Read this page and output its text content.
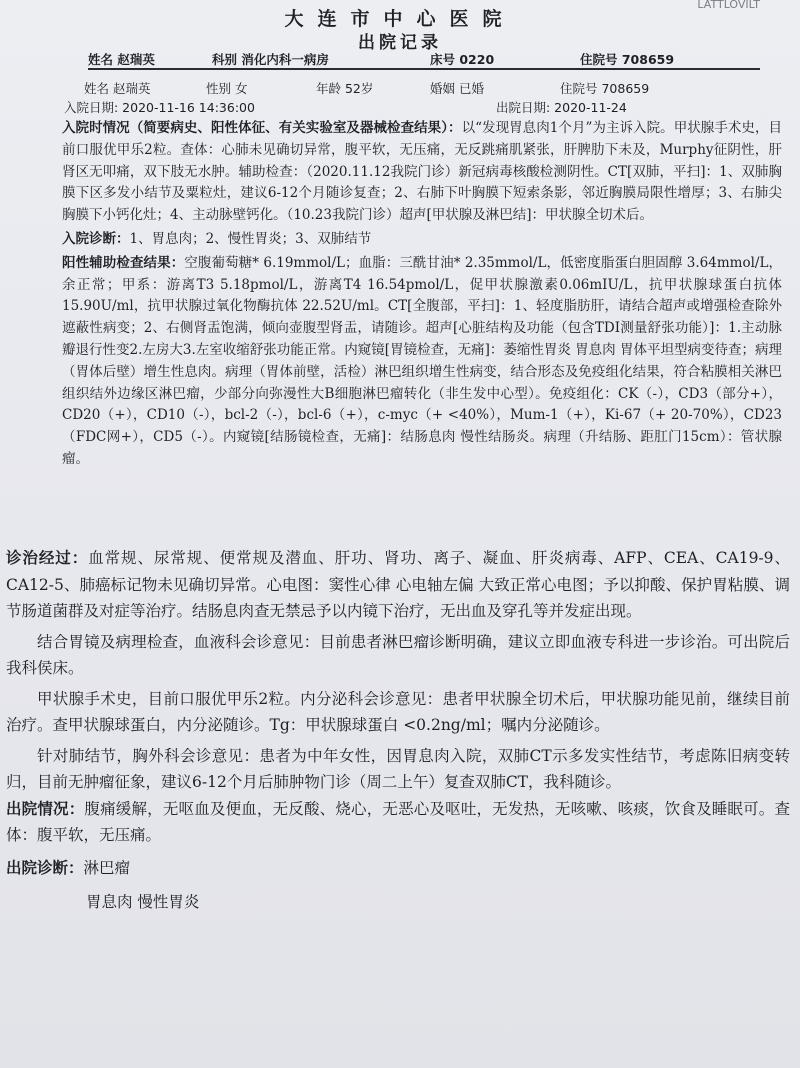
LATTLOVILT
大连市中心医院
出院记录
姓名 赵瑞英	科别 消化内科一病房	床号 0220	住院号 708659
姓名 赵瑞英	性别 女	年龄 52岁	婚姻 已婚	住院号 708659
入院日期: 2020-11-16 14:36:00	出院日期: 2020-11-24

入院时情况（简要病史、阳性体征、有关实验室及器械检查结果）：以“发现胃息肉1个月”为主诉入院。甲状腺手术史，目前口服优甲乐2粒。查体：心肺未见确切异常，腹平软，无压痛，无反跳痛肌紧张，肝脾肋下未及，Murphy征阴性，肝肾区无叩痛，双下肢无水肿。辅助检查：（2020.11.12我院门诊）新冠病毒核酸检测阴性。CT[双肺，平扫]：1、双肺胸膜下区多发小结节及粟粒灶，建议6-12个月随诊复查；2、右肺下叶胸膜下短索条影，邻近胸膜局限性增厚；3、右肺尖胸膜下小钙化灶；4、主动脉壁钙化。（10.23我院门诊）超声[甲状腺及淋巴结]：甲状腺全切术后。

入院诊断：1、胃息肉；2、慢性胃炎；3、双肺结节

阳性辅助检查结果：空腹葡萄糖* 6.19mmol/L；血脂：三酰甘油* 2.35mmol/L，低密度脂蛋白胆固醇 3.64mmol/L，余正常；甲系：游离T3 5.18pmol/L，游离T4 16.54pmol/L，促甲状腺激素0.06mIU/L，抗甲状腺球蛋白抗体 15.90U/ml，抗甲状腺过氧化物酶抗体 22.52U/ml。CT[全腹部，平扫]：1、轻度脂肪肝，请结合超声或增强检查除外遮蔽性病变；2、右侧肾盂饱满，倾向壶腹型肾盂，请随诊。超声[心脏结构及功能（包含TDI测量舒张功能）]：1.主动脉瓣退行性变2.左房大3.左室收缩舒张功能正常。内窥镜[胃镜检查，无痛]：萎缩性胃炎 胃息肉 胃体平坦型病变待查；病理（胃体后壁）增生性息肉。病理（胃体前壁，活检）淋巴组织增生性病变，结合形态及免疫组化结果，符合粘膜相关淋巴组织结外边缘区淋巴瘤，少部分向弥漫性大B细胞淋巴瘤转化（非生发中心型）。免疫组化：CK（-），CD3（部分+），CD20（+），CD10（-），bcl-2（-），bcl-6（+），c-myc（+ <40%），Mum-1（+），Ki-67（+ 20-70%），CD23（FDC网+），CD5（-）。内窥镜[结肠镜检查，无痛]：结肠息肉 慢性结肠炎。病理（升结肠、距肛门15cm）：管状腺瘤。

诊治经过：血常规、尿常规、便常规及潜血、肝功、肾功、离子、凝血、肝炎病毒、AFP、CEA、CA19-9、CA12-5、肺癌标记物未见确切异常。心电图：窦性心律 心电轴左偏 大致正常心电图；予以抑酸、保护胃粘膜、调节肠道菌群及对症等治疗。结肠息肉查无禁忌予以内镜下治疗，无出血及穿孔等并发症出现。

结合胃镜及病理检查，血液科会诊意见：目前患者淋巴瘤诊断明确，建议立即血液专科进一步诊治。可出院后我科侯床。

甲状腺手术史，目前口服优甲乐2粒。内分泌科会诊意见：患者甲状腺全切术后，甲状腺功能见前，继续目前治疗。查甲状腺球蛋白，内分泌随诊。Tg：甲状腺球蛋白 <0.2ng/ml；嘱内分泌随诊。

针对肺结节，胸外科会诊意见：患者为中年女性，因胃息肉入院，双肺CT示多发实性结节，考虑陈旧病变转归，目前无肿瘤征象，建议6-12个月后肺肿物门诊（周二上午）复查双肺CT，我科随诊。

出院情况：腹痛缓解，无呕血及便血，无反酸、烧心，无恶心及呕吐，无发热，无咳嗽、咳痰，饮食及睡眠可。查体：腹平软，无压痛。

出院诊断：淋巴瘤

胃息肉 慢性胃炎
